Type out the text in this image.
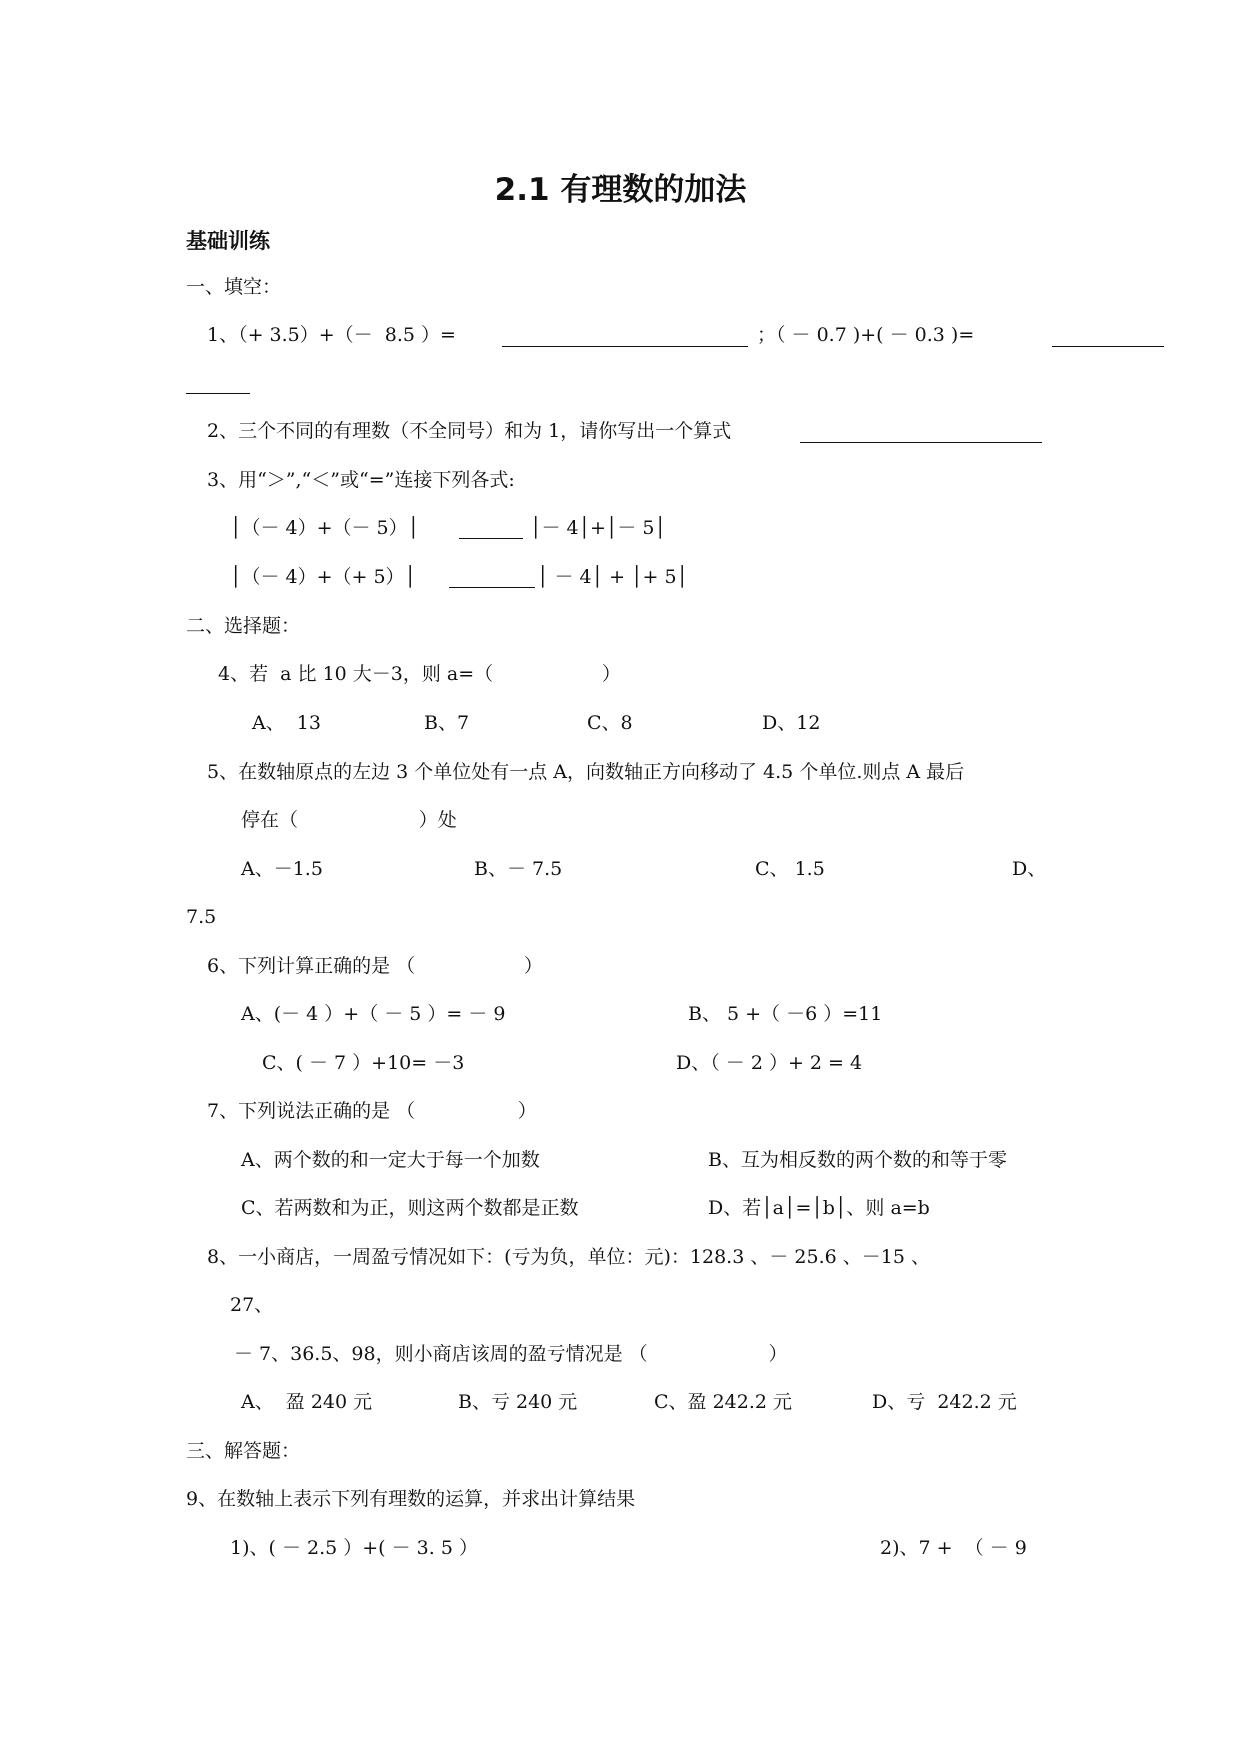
2.1 有理数的加法
基础训练
一、填空：
1、（+ 3.5）+（－  8.5 ）=	；（ － 0.7 )+( － 0.3 )=
2、三个不同的有理数（不全同号）和为 1，请你写出一个算式
3、用“＞”,“＜”或“=”连接下列各式:
│（－ 4）+（－ 5）│	│－ 4│+│－ 5│
│（－ 4）+（+ 5）│	│ － 4│ + │+ 5│
二、选择题：
4、若  a 比 10 大－3，则 a=（                  ）
A、  13	B、7	C、8	D、12
5、在数轴原点的左边 3 个单位处有一点 A，向数轴正方向移动了 4.5 个单位.则点 A 最后
停在（                    ）处
A、－1.5	B、－ 7.5	C、 1.5	D、
7.5
6、下列计算正确的是 （                  ）
A、(－ 4 ）+（ － 5 ）= － 9	B、 5 +（ －6 ）=11
C、( － 7 ）+10= －3	D、（ － 2 ）+ 2 = 4
7、下列说法正确的是 （                 ）
A、两个数的和一定大于每一个加数	B、互为相反数的两个数的和等于零
C、若两数和为正，则这两个数都是正数	D、若│a│=│b│、则 a=b
8、一小商店，一周盈亏情况如下：(亏为负，单位：元)：128.3 、－ 25.6 、－15 、
27、
－ 7、36.5、98，则小商店该周的盈亏情况是 （                    ）
A、  盈 240 元	B、亏 240 元	C、盈 242.2 元	D、亏  242.2 元
三、解答题：
9、在数轴上表示下列有理数的运算，并求出计算结果
1)、( － 2.5 ）+( － 3. 5 ）	2)、7 +  （ － 9
